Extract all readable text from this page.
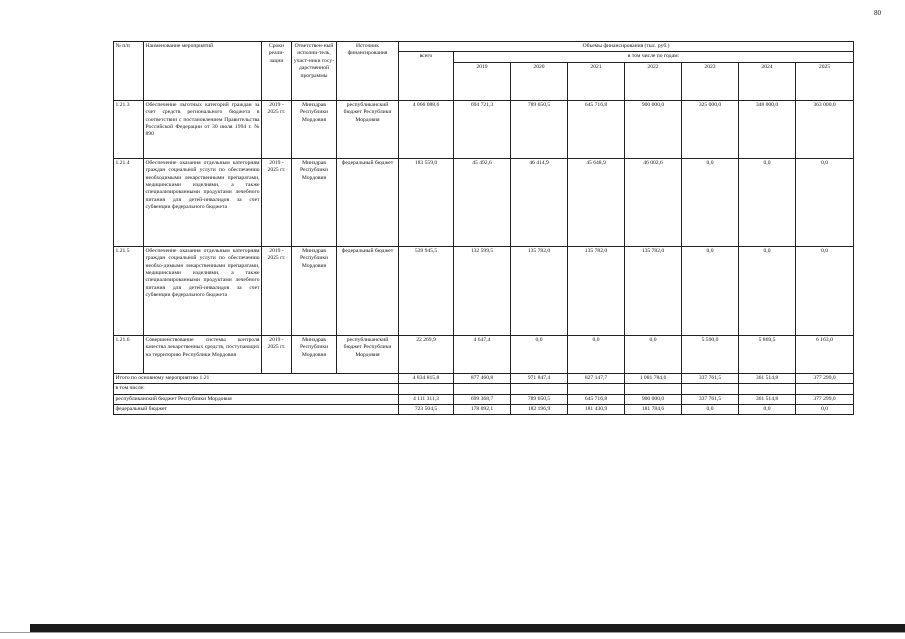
80
№ п/п	Наименование мероприятий	Сроки реали-зации	Ответствен-ный исполни-тель, участ-ники госу-дарственной программы	Источник финансирования	Объемы финансирования (тыс. руб.)							
					всего	в том числе по годам:						
						2019	2020	2021	2022	2023	2024	2025
1.21.3	Обеспечение льготных категорий граждан за счет средств регионального бюджета в соответствии с постановлением Правительства Российской Федерации от 30 июля 1994 г. № 890	2019 - 2025 гг.	Минздрав Республики Мордовия	республиканский бюджет Республики Мордовия	4 066 088,6	694 721,3	789 650,5	645 716,8	900 000,0	325 000,0	348 000,0	363 000,0
1.21.4	Обеспечение оказания отдельным категориям граждан социальной услуги по обеспечению необходимыми лекарственными препаратами, медицинскими изделиями, а также специализированными продуктами лечебного питания для детей-инвалидов за счет субвенции федерального бюджета	2019 - 2025 гг.	Минздрав Республики Мордовия	федеральный бюджет	183 559,0	45 492,6	46 414,9	45 648,9	46 002,6	0,0	0,0	0,0
1.21.5	Обеспечение оказания отдельным категориям граждан социальной услуги по обеспечению необхо-димыми лекарственными препаратами, медицинскими изделиями, а также специализированными продуктами лечебного питания для детей-инвалидов за счет субвенции федерального бюджета	2019 - 2025 гг.	Минздрав Республики Мордовия	федеральный бюджет	539 945,5	132 599,5	135 782,0	135 782,0	135 782,0	0,0	0,0	0,0
1.21.6	Совершенствование системы контроля качества лекарственных средств, поступающих на территорию Республики Мордовия	2019 - 2025 гг.	Минздрав Республики Мордовия	республиканский бюджет Республики Мордовия	22 269,9	4 647,4	0,0	0,0	0,0	5 590,0	5 869,5	6 163,0
Итого по основному мероприятию 1.21					4 834 815,8	877 460,8	971 847,4	827 147,7	1 081 784,6	337 761,5	361 514,8	377 299,0
в том числе:												
республиканский бюджет Республики Мордовия					4 111 311,3	699 368,7	789 650,5	645 716,8	900 000,0	337 761,5	361 514,8	377 299,0
федеральный бюджет					723 504,5	178 092,1	182 196,9	181 430,9	181 784,6	0,0	0,0	0,0
